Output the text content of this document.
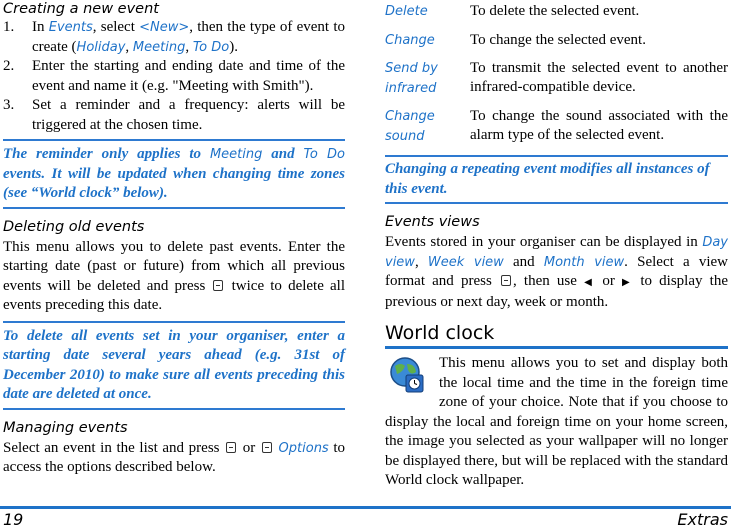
Creating a new event
1.	In Events, select <New>, then the type of event to create (Holiday, Meeting, To Do).
2.	Enter the starting and ending date and time of the event and name it (e.g. "Meeting with Smith").
3.	Set a reminder and a frequency: alerts will be triggered at the chosen time.
The reminder only applies to Meeting and To Do events. It will be updated when changing time zones (see “World clock” below).
Deleting old events

This menu allows you to delete past events. Enter the starting date (past or future) from which all previous events will be deleted and press  twice to delete all events preceding this date.

To delete all events set in your organiser, enter a starting date several years ahead (e.g. 31st of December 2010) to make sure all events preceding this date are deleted at once.
Managing events

Select an event in the list and press  or  Options to access the options described below.

Delete	To delete the selected event.

Change	To change the selected event.

Send by infrared	To transmit the selected event to another infrared-compatible device.

Change sound	To change the sound associated with the alarm type of the selected event.
Changing a repeating event modifies all instances of this event.
Events views

Events stored in your organiser can be displayed in Day view, Week view and Month view. Select a view format and press , then use ◀ or ▶ to display the previous or next day, week or month.

World clock

This menu allows you to set and display both the local time and the time in the foreign time zone of your choice. Note that if you choose to display the local and foreign time on your home screen, the image you selected as your wallpaper will no longer be displayed there, but will be replaced with the standard World clock wallpaper.

19	Extras
